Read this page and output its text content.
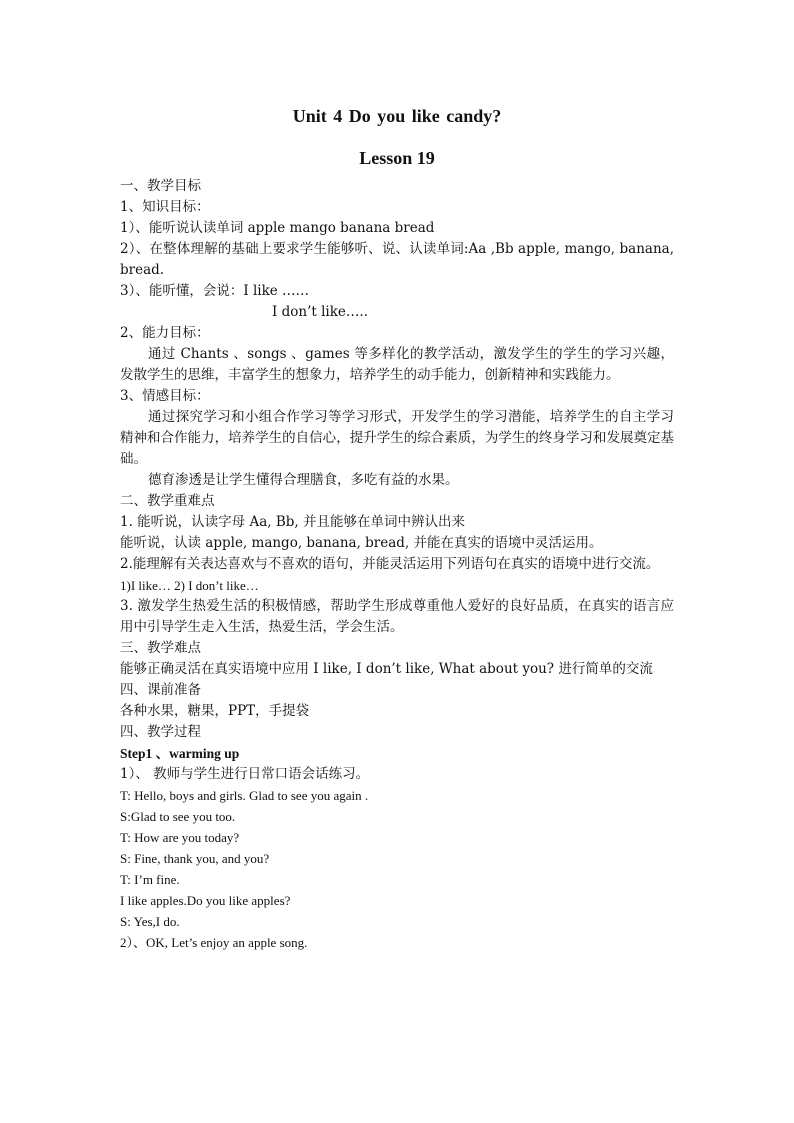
Unit 4 Do you like candy?
Lesson 19

一、教学目标

1、知识目标：

1）、能听说认读单词 apple mango banana bread

2）、在整体理解的基础上要求学生能够听、说、认读单词:Aa ,Bb apple, mango, banana, bread.

3）、能听懂，会说：I like ……

I don’t like…..

2、能力目标：

通过 Chants 、songs 、games 等多样化的教学活动，激发学生的学生的学习兴趣，发散学生的思维，丰富学生的想象力，培养学生的动手能力，创新精神和实践能力。

3、情感目标：

通过探究学习和小组合作学习等学习形式，开发学生的学习潜能，培养学生的自主学习精神和合作能力，培养学生的自信心，提升学生的综合素质，为学生的终身学习和发展奠定基础。

德育渗透是让学生懂得合理膳食，多吃有益的水果。

二、教学重难点

1. 能听说，认读字母 Aa, Bb, 并且能够在单词中辨认出来

能听说，认读 apple, mango, banana, bread, 并能在真实的语境中灵活运用。

2.能理解有关表达喜欢与不喜欢的语句，并能灵活运用下列语句在真实的语境中进行交流。

1)I like… 2) I don’t like…

3. 激发学生热爱生活的积极情感，帮助学生形成尊重他人爱好的良好品质，在真实的语言应用中引导学生走入生活，热爱生活，学会生活。

三、教学难点

能够正确灵活在真实语境中应用 I like, I don’t like, What about you? 进行简单的交流

四、课前准备

各种水果，糖果，PPT，手提袋

四、教学过程

Step1 、warming up

1）、 教师与学生进行日常口语会话练习。

T: Hello, boys and girls. Glad to see you again .

S:Glad to see you too.

T: How are you today?

S: Fine, thank you, and you?

T: I’m fine.

I like apples.Do you like apples?

S: Yes,I do.

2）、OK, Let’s enjoy an apple song.
